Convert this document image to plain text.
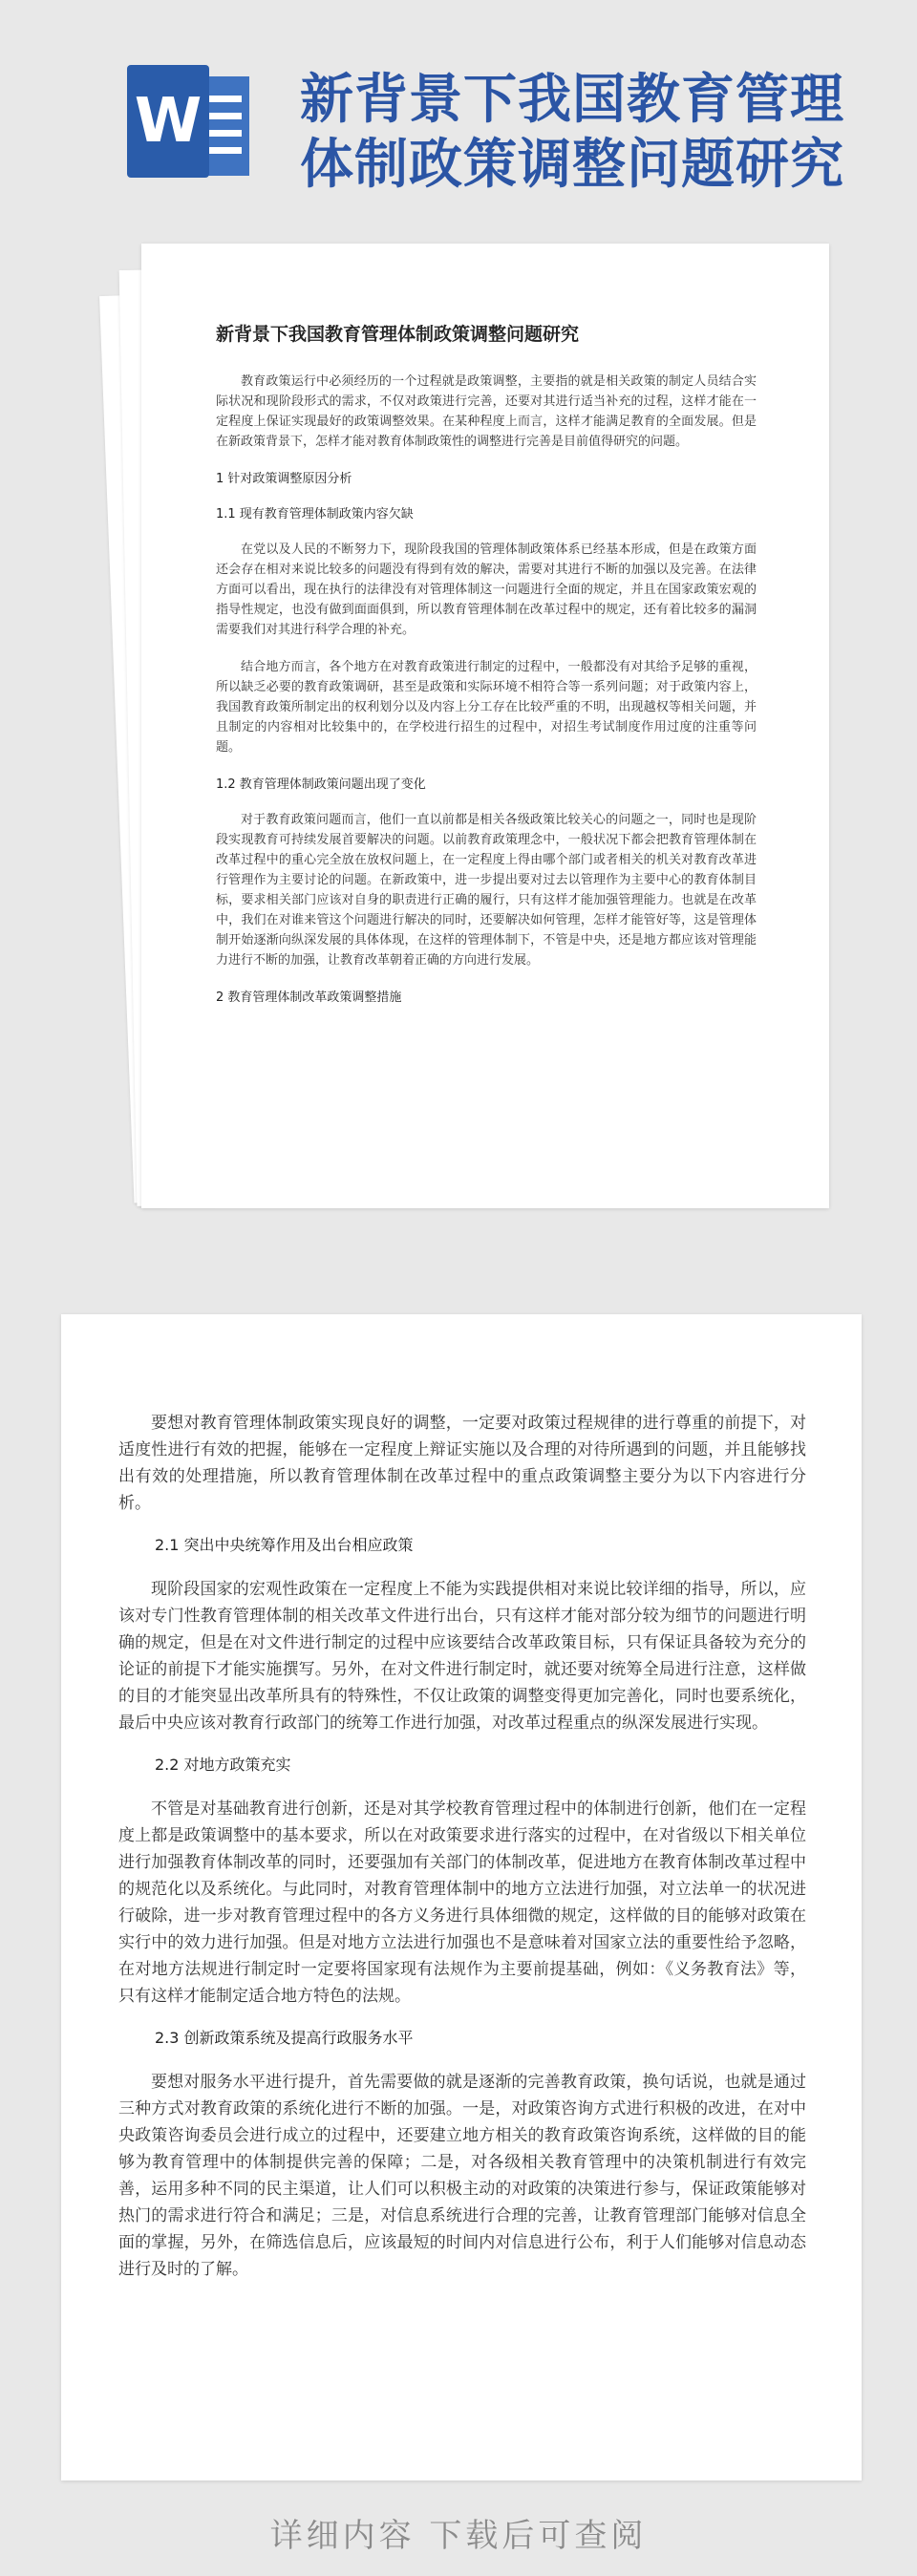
W 新背景下我国教育管理
体制政策调整问题研究
新背景下我国教育管理体制政策调整问题研究

教育政策运行中必须经历的一个过程就是政策调整，主要指的就是相关政策的制定人员结合实际状况和现阶段形式的需求，不仅对政策进行完善，还要对其进行适当补充的过程，这样才能在一定程度上保证实现最好的政策调整效果。在某种程度上而言，这样才能满足教育的全面发展。但是在新政策背景下，怎样才能对教育体制政策性的调整进行完善是目前值得研究的问题。

1 针对政策调整原因分析
1.1 现有教育管理体制政策内容欠缺

在党以及人民的不断努力下，现阶段我国的管理体制政策体系已经基本形成，但是在政策方面还会存在相对来说比较多的问题没有得到有效的解决，需要对其进行不断的加强以及完善。在法律方面可以看出，现在执行的法律没有对管理体制这一问题进行全面的规定，并且在国家政策宏观的指导性规定，也没有做到面面俱到，所以教育管理体制在改革过程中的规定，还有着比较多的漏洞需要我们对其进行科学合理的补充。

结合地方而言，各个地方在对教育政策进行制定的过程中，一般都没有对其给予足够的重视，所以缺乏必要的教育政策调研，甚至是政策和实际环境不相符合等一系列问题；对于政策内容上，我国教育政策所制定出的权利划分以及内容上分工存在比较严重的不明，出现越权等相关问题，并且制定的内容相对比较集中的，在学校进行招生的过程中，对招生考试制度作用过度的注重等问题。

1.2 教育管理体制政策问题出现了变化

对于教育政策问题而言，他们一直以前都是相关各级政策比较关心的问题之一，同时也是现阶段实现教育可持续发展首要解决的问题。以前教育政策理念中，一般状况下都会把教育管理体制在改革过程中的重心完全放在放权问题上，在一定程度上得由哪个部门或者相关的机关对教育改革进行管理作为主要讨论的问题。在新政策中，进一步提出要对过去以管理作为主要中心的教育体制目标，要求相关部门应该对自身的职责进行正确的履行，只有这样才能加强管理能力。也就是在改革中，我们在对谁来管这个问题进行解决的同时，还要解决如何管理，怎样才能管好等，这是管理体制开始逐渐向纵深发展的具体体现，在这样的管理体制下，不管是中央，还是地方都应该对管理能力进行不断的加强，让教育改革朝着正确的方向进行发展。

2 教育管理体制改革政策调整措施

要想对教育管理体制政策实现良好的调整，一定要对政策过程规律的进行尊重的前提下，对适度性进行有效的把握，能够在一定程度上辩证实施以及合理的对待所遇到的问题，并且能够找出有效的处理措施，所以教育管理体制在改革过程中的重点政策调整主要分为以下内容进行分析。

2.1 突出中央统筹作用及出台相应政策

现阶段国家的宏观性政策在一定程度上不能为实践提供相对来说比较详细的指导，所以，应该对专门性教育管理体制的相关改革文件进行出台，只有这样才能对部分较为细节的问题进行明确的规定，但是在对文件进行制定的过程中应该要结合改革政策目标，只有保证具备较为充分的论证的前提下才能实施撰写。另外，在对文件进行制定时，就还要对统筹全局进行注意，这样做的目的才能突显出改革所具有的特殊性，不仅让政策的调整变得更加完善化，同时也要系统化，最后中央应该对教育行政部门的统筹工作进行加强，对改革过程重点的纵深发展进行实现。

2.2 对地方政策充实

不管是对基础教育进行创新，还是对其学校教育管理过程中的体制进行创新，他们在一定程度上都是政策调整中的基本要求，所以在对政策要求进行落实的过程中，在对省级以下相关单位进行加强教育体制改革的同时，还要强加有关部门的体制改革，促进地方在教育体制改革过程中的规范化以及系统化。与此同时，对教育管理体制中的地方立法进行加强，对立法单一的状况进行破除，进一步对教育管理过程中的各方义务进行具体细微的规定，这样做的目的能够对政策在实行中的效力进行加强。但是对地方立法进行加强也不是意味着对国家立法的重要性给予忽略，在对地方法规进行制定时一定要将国家现有法规作为主要前提基础，例如：《义务教育法》等，只有这样才能制定适合地方特色的法规。

2.3 创新政策系统及提高行政服务水平

要想对服务水平进行提升，首先需要做的就是逐渐的完善教育政策，换句话说，也就是通过三种方式对教育政策的系统化进行不断的加强。一是，对政策咨询方式进行积极的改进，在对中央政策咨询委员会进行成立的过程中，还要建立地方相关的教育政策咨询系统，这样做的目的能够为教育管理中的体制提供完善的保障；二是，对各级相关教育管理中的决策机制进行有效完善，运用多种不同的民主渠道，让人们可以积极主动的对政策的决策进行参与，保证政策能够对热门的需求进行符合和满足；三是，对信息系统进行合理的完善，让教育管理部门能够对信息全面的掌握，另外，在筛选信息后，应该最短的时间内对信息进行公布，利于人们能够对信息动态进行及时的了解。

详细内容 下载后可查阅
